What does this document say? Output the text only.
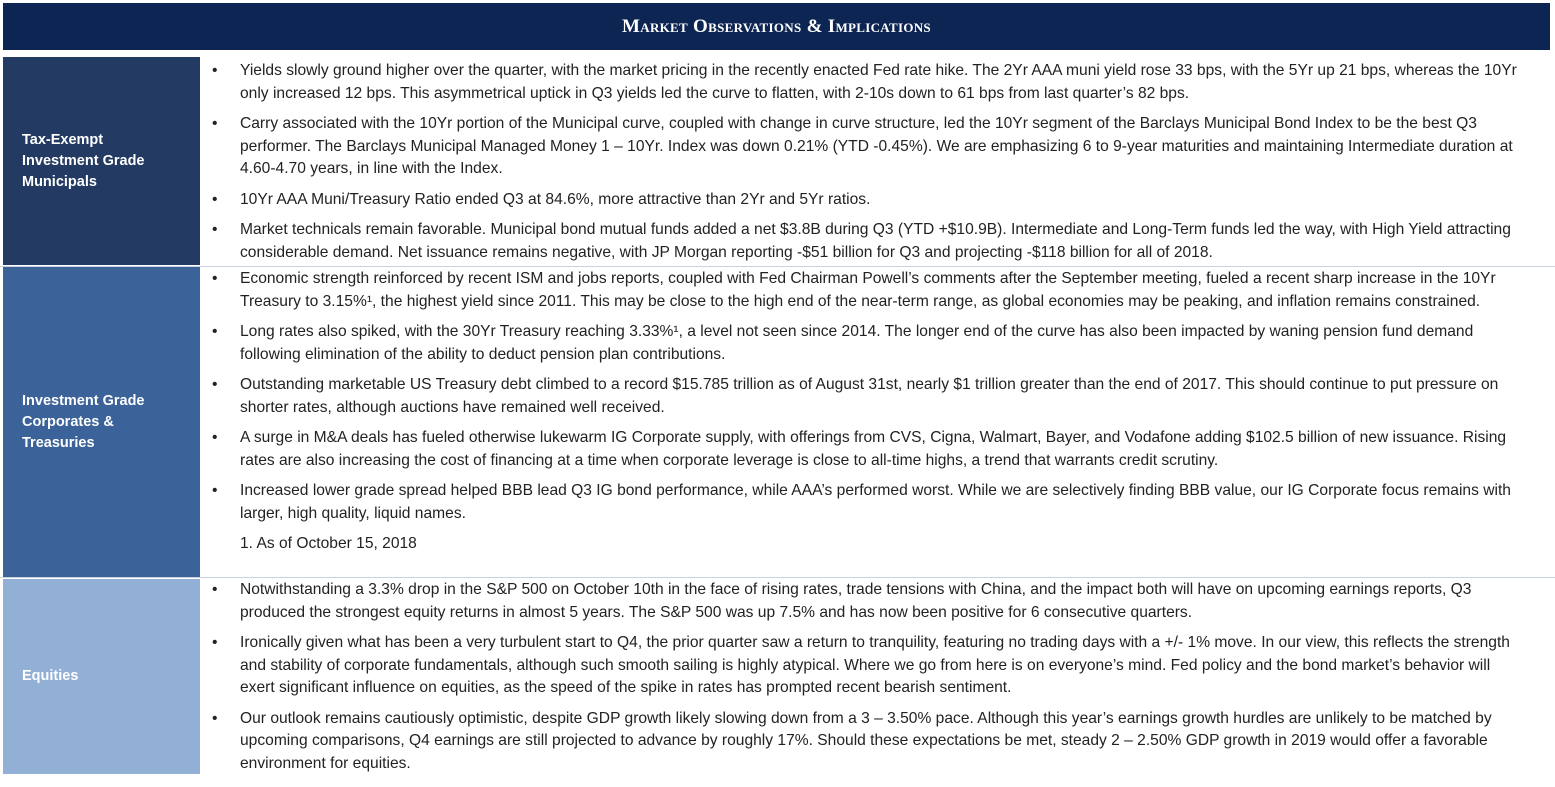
Market Observations & Implications
Tax-Exempt Investment Grade Municipals
• Yields slowly ground higher over the quarter, with the market pricing in the recently enacted Fed rate hike. The 2Yr AAA muni yield rose 33 bps, with the 5Yr up 21 bps, whereas the 10Yr only increased 12 bps. This asymmetrical uptick in Q3 yields led the curve to flatten, with 2-10s down to 61 bps from last quarter’s 82 bps.
• Carry associated with the 10Yr portion of the Municipal curve, coupled with change in curve structure, led the 10Yr segment of the Barclays Municipal Bond Index to be the best Q3 performer. The Barclays Municipal Managed Money 1 – 10Yr. Index was down 0.21% (YTD -0.45%). We are emphasizing 6 to 9-year maturities and maintaining Intermediate duration at 4.60-4.70 years, in line with the Index.
• 10Yr AAA Muni/Treasury Ratio ended Q3 at 84.6%, more attractive than 2Yr and 5Yr ratios.
• Market technicals remain favorable. Municipal bond mutual funds added a net $3.8B during Q3 (YTD +$10.9B). Intermediate and Long-Term funds led the way, with High Yield attracting considerable demand. Net issuance remains negative, with JP Morgan reporting -$51 billion for Q3 and projecting -$118 billion for all of 2018.
Investment Grade Corporates & Treasuries
• Economic strength reinforced by recent ISM and jobs reports, coupled with Fed Chairman Powell’s comments after the September meeting, fueled a recent sharp increase in the 10Yr Treasury to 3.15%¹, the highest yield since 2011. This may be close to the high end of the near-term range, as global economies may be peaking, and inflation remains constrained.
• Long rates also spiked, with the 30Yr Treasury reaching 3.33%¹, a level not seen since 2014. The longer end of the curve has also been impacted by waning pension fund demand following elimination of the ability to deduct pension plan contributions.
• Outstanding marketable US Treasury debt climbed to a record $15.785 trillion as of August 31st, nearly $1 trillion greater than the end of 2017. This should continue to put pressure on shorter rates, although auctions have remained well received.
• A surge in M&A deals has fueled otherwise lukewarm IG Corporate supply, with offerings from CVS, Cigna, Walmart, Bayer, and Vodafone adding $102.5 billion of new issuance. Rising rates are also increasing the cost of financing at a time when corporate leverage is close to all-time highs, a trend that warrants credit scrutiny.
• Increased lower grade spread helped BBB lead Q3 IG bond performance, while AAA’s performed worst. While we are selectively finding BBB value, our IG Corporate focus remains with larger, high quality, liquid names.
1. As of October 15, 2018
Equities
• Notwithstanding a 3.3% drop in the S&P 500 on October 10th in the face of rising rates, trade tensions with China, and the impact both will have on upcoming earnings reports, Q3 produced the strongest equity returns in almost 5 years. The S&P 500 was up 7.5% and has now been positive for 6 consecutive quarters.
• Ironically given what has been a very turbulent start to Q4, the prior quarter saw a return to tranquility, featuring no trading days with a +/- 1% move. In our view, this reflects the strength and stability of corporate fundamentals, although such smooth sailing is highly atypical. Where we go from here is on everyone’s mind. Fed policy and the bond market’s behavior will exert significant influence on equities, as the speed of the spike in rates has prompted recent bearish sentiment.
• Our outlook remains cautiously optimistic, despite GDP growth likely slowing down from a 3 – 3.50% pace. Although this year’s earnings growth hurdles are unlikely to be matched by upcoming comparisons, Q4 earnings are still projected to advance by roughly 17%. Should these expectations be met, steady 2 – 2.50% GDP growth in 2019 would offer a favorable environment for equities.
